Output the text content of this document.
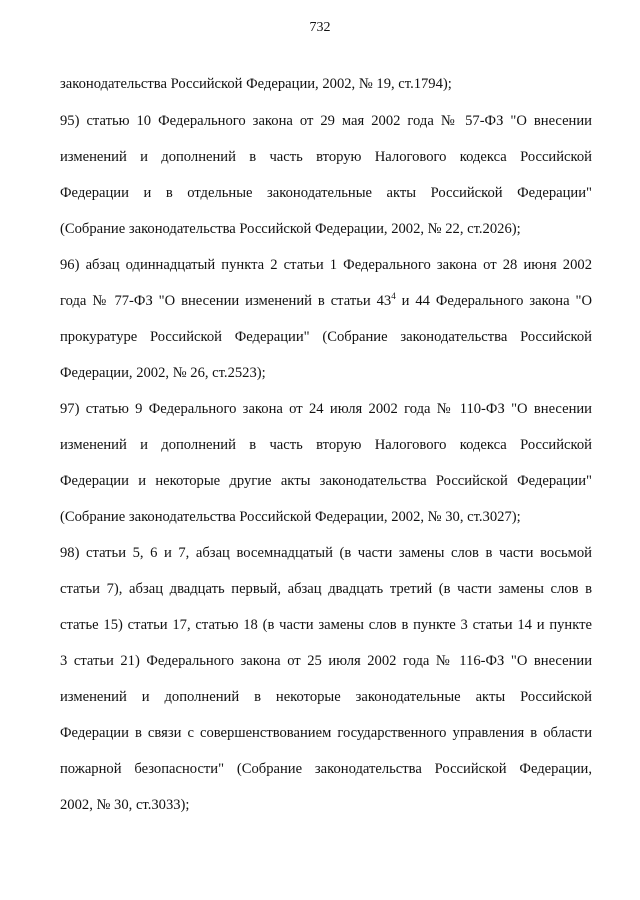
732
законодательства Российской Федерации, 2002, № 19, ст.1794);
95) статью 10 Федерального закона от 29 мая 2002 года № 57-ФЗ "О внесении
изменений и дополнений в часть вторую Налогового кодекса Российской
Федерации и в отдельные законодательные акты Российской Федерации"
(Собрание законодательства Российской Федерации, 2002, № 22, ст.2026);
96) абзац одиннадцатый пункта 2 статьи 1 Федерального закона от 28 июня 2002
года № 77-ФЗ "О внесении изменений в статьи $43^4$ и 44 Федерального закона "О
прокуратуре Российской Федерации" (Собрание законодательства Российской
Федерации, 2002, № 26, ст.2523);
97) статью 9 Федерального закона от 24 июля 2002 года № 110-ФЗ "О внесении
изменений и дополнений в часть вторую Налогового кодекса Российской
Федерации и некоторые другие акты законодательства Российской Федерации"
(Собрание законодательства Российской Федерации, 2002, № 30, ст.3027);
98) статьи 5, 6 и 7, абзац восемнадцатый (в части замены слов в части восьмой
статьи 7), абзац двадцать первый, абзац двадцать третий (в части замены слов в
статье 15) статьи 17, статью 18 (в части замены слов в пункте 3 статьи 14 и пункте
3 статьи 21) Федерального закона от 25 июля 2002 года № 116-ФЗ "О внесении
изменений и дополнений в некоторые законодательные акты Российской
Федерации в связи с совершенствованием государственного управления в области
пожарной безопасности" (Собрание законодательства Российской Федерации,
2002, № 30, ст.3033);
